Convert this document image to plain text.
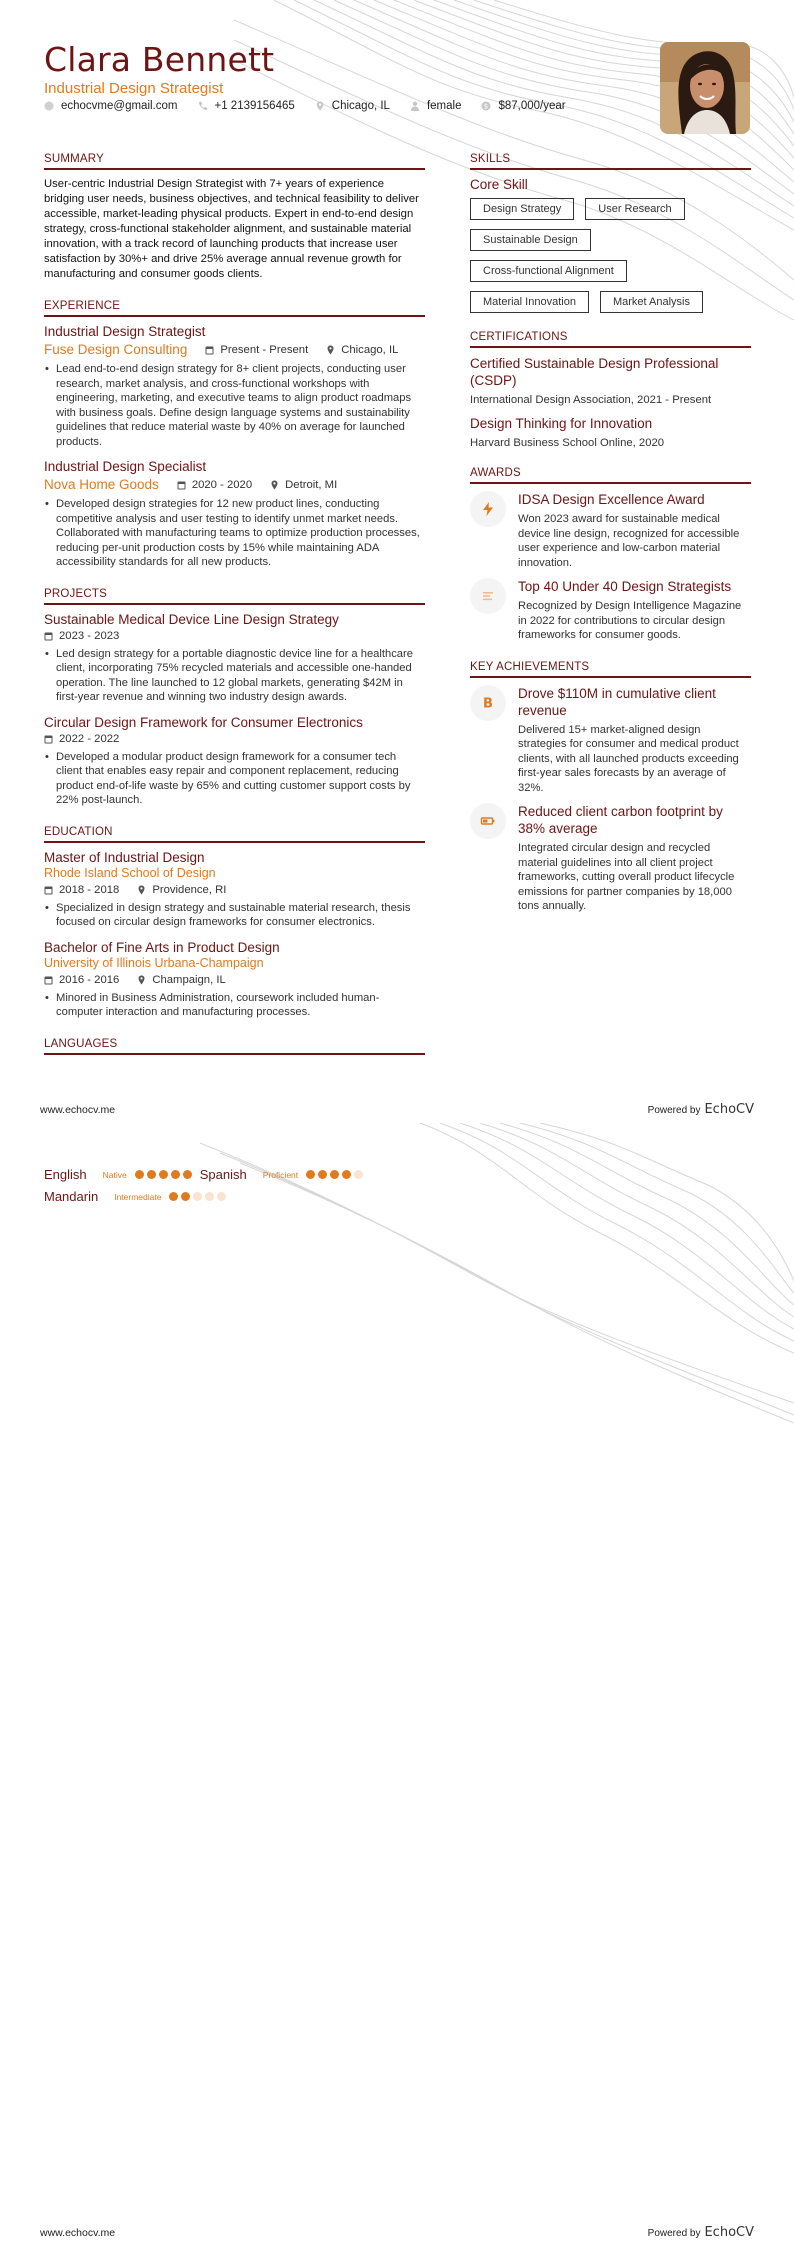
Clara Bennett
Industrial Design Strategist
echocvme@gmail.com	+1 2139156465	Chicago, IL	female	$ $87,000/year
SUMMARY
User-centric Industrial Design Strategist with 7+ years of experience bridging user needs, business objectives, and technical feasibility to deliver accessible, market-leading physical products. Expert in end-to-end design strategy, cross-functional stakeholder alignment, and sustainable material innovation, with a track record of launching products that increase user satisfaction by 30%+ and drive 25% average annual revenue growth for manufacturing and consumer goods clients.
EXPERIENCE
Industrial Design Strategist
Fuse Design Consulting	Present - Present	Chicago, IL
• Lead end-to-end design strategy for 8+ client projects, conducting user research, market analysis, and cross-functional workshops with engineering, marketing, and executive teams to align product roadmaps with business goals. Define design language systems and sustainability guidelines that reduce material waste by 40% on average for launched products.
Industrial Design Specialist
Nova Home Goods	2020 - 2020	Detroit, MI
• Developed design strategies for 12 new product lines, conducting competitive analysis and user testing to identify unmet market needs. Collaborated with manufacturing teams to optimize production processes, reducing per-unit production costs by 15% while maintaining ADA accessibility standards for all new products.
PROJECTS
Sustainable Medical Device Line Design Strategy
2023 - 2023
• Led design strategy for a portable diagnostic device line for a healthcare client, incorporating 75% recycled materials and accessible one-handed operation. The line launched to 12 global markets, generating $42M in first-year revenue and winning two industry design awards.
Circular Design Framework for Consumer Electronics
2022 - 2022
• Developed a modular product design framework for a consumer tech client that enables easy repair and component replacement, reducing product end-of-life waste by 65% and cutting customer support costs by 22% post-launch.
EDUCATION
Master of Industrial Design
Rhode Island School of Design
2018 - 2018	Providence, RI
• Specialized in design strategy and sustainable material research, thesis focused on circular design frameworks for consumer electronics.
Bachelor of Fine Arts in Product Design
University of Illinois Urbana-Champaign
2016 - 2016	Champaign, IL
• Minored in Business Administration, coursework included human-computer interaction and manufacturing processes.
LANGUAGES
SKILLS
Core Skill
Design Strategy	User Research
Sustainable Design
Cross-functional Alignment
Material Innovation	Market Analysis
CERTIFICATIONS
Certified Sustainable Design Professional (CSDP)
International Design Association, 2021 - Present
Design Thinking for Innovation
Harvard Business School Online, 2020
AWARDS
IDSA Design Excellence Award
Won 2023 award for sustainable medical device line design, recognized for accessible user experience and low-carbon material innovation.
Top 40 Under 40 Design Strategists
Recognized by Design Intelligence Magazine in 2022 for contributions to circular design frameworks for consumer goods.
KEY ACHIEVEMENTS
B
Drove $110M in cumulative client revenue
Delivered 15+ market-aligned design strategies for consumer and medical product clients, with all launched products exceeding first-year sales forecasts by an average of 32%.
Reduced client carbon footprint by 38% average
Integrated circular design and recycled material guidelines into all client project frameworks, cutting overall product lifecycle emissions for partner companies by 18,000 tons annually.
www.echocv.me	Powered by EchoCV
English Native	Spanish Proficient
Mandarin Intermediate
www.echocv.me	Powered by EchoCV
